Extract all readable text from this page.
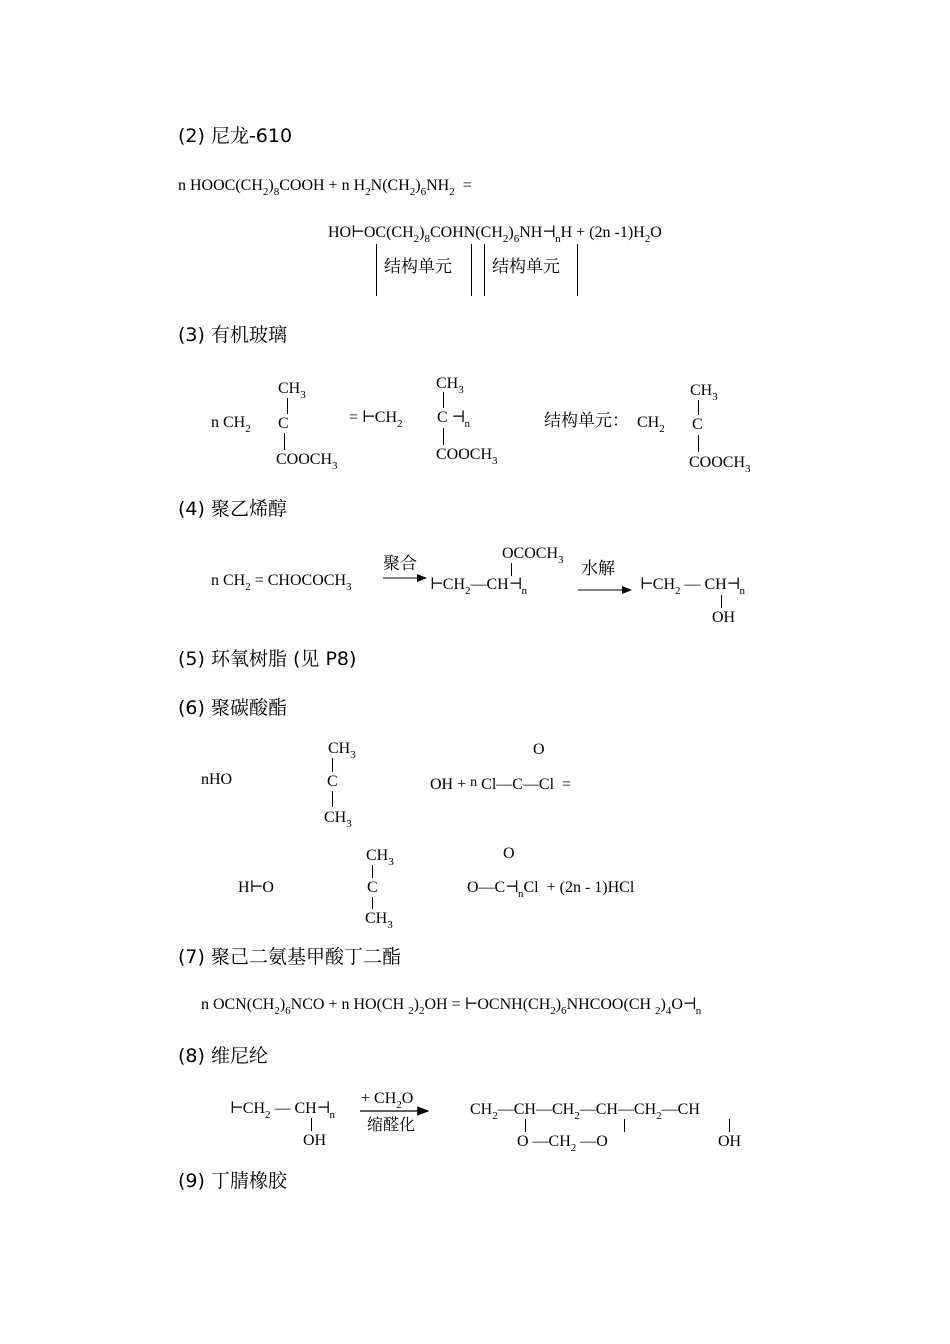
(2) 尼龙-610
n $HOOC(CH_2)_8COOH + n$ $H_2N(CH_2)_6NH_2$  =
$HO⊢OC(CH_2)_8COHN(CH_2)_6NH⊣_nH + (2n$ $-1)H_2O$
结构单元 结构单元
(3) 有机玻璃
$CH_3$
n $CH_2$ C
$COOCH_3$
= $⊢CH_2$
$CH_3$
C $⊣_n$
$COOCH_3$
结构单元： $CH_2$
$CH_3$
C
$COOCH_3$
(4) 聚乙烯醇
n $CH_2$ = $CHOCOCH_3$
聚合
$OCOCH_3$
$⊢CH_2—CH⊣_n$
水解
$⊢CH_2$ — $CH⊣_n$
OH
(5) 环氧树脂 (见 P8)
(6) 聚碳酸酯
$CH_3$
nHO	C
$CH_3$
O
OH + n Cl—C—Cl  =
$CH_3$
H⊢O	C
$CH_3$
O
$O—C⊣_nCl + (2n - 1)HCl$
(7) 聚己二氨基甲酸丁二酯
n $OCN(CH_2)_6NCO + n$ HO(CH $_2)_2OH$ = $⊢OCNH(CH_2)_6NHCOO(CH$ $_2)_4O⊣_n$
(8) 维尼纶
$⊢CH_2$ — $CH⊣_n$
OH
+ $CH_2O$
缩醛化
$CH_2—CH—CH_2—CH—CH_2—CH$
O $—CH_2$ —O	OH
(9) 丁腈橡胶
